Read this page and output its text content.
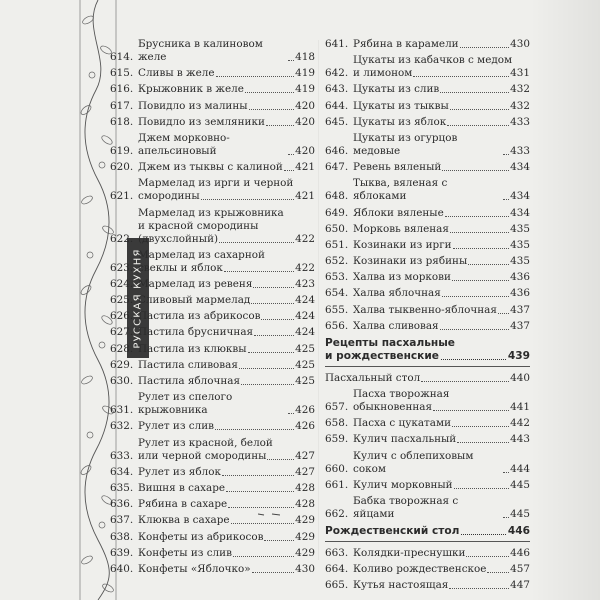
РУССКАЯ КУХНЯ
614.
Брусника в калиновом желе	418
615. Сливы в желе	419
616. Крыжовник в желе	419
617. Повидло из малины	420
618. Повидло из земляники	420
619.
Джем морковно-апельсиновый	420
620. Джем из тыквы с калиной 421
621.
Мармелад из ирги и черной
смородины	421
622.
Мармелад из крыжовника
и красной смородины
(двухслойный)	422
623.
Мармелад из сахарной
свеклы и яблок	422
624. Мармелад из ревеня	423
625. Сливовый мармелад	424
626. Пастила из абрикосов	424
627. Пастила брусничная	424
628. Пастила из клюквы	425
629. Пастила сливовая	425
630. Пастила яблочная	425
631.
Рулет из спелого крыжовника	426
632. Рулет из слив	426
633.
Рулет из красной, белой
или черной смородины	427
634. Рулет из яблок	427
635. Вишня в сахаре	428
636. Рябина в сахаре	428
637. Клюква в сахаре	429
638. Конфеты из абрикосов	429
639. Конфеты из слив	429
640. Конфеты «Яблочко»	430
641. Рябина в карамели	430
642.
Цукаты из кабачков с медом
и лимоном	431
643. Цукаты из слив	432
644. Цукаты из тыквы	432
645. Цукаты из яблок	433
646.
Цукаты из огурцов медовые	433
647. Ревень вяленый	434
648.
Тыква, вяленая с яблоками	434
649. Яблоки вяленые	434
650. Морковь вяленая	435
651. Козинаки из ирги	435
652. Козинаки из рябины	435
653. Халва из моркови	436
654. Халва яблочная	436
655. Халва тыквенно-яблочная 437
656. Халва сливовая	437
Рецепты пасхальные
и рождественские	439
Пасхальный стол	440
657.
Пасха творожная
обыкновенная	441
658. Пасха с цукатами	442
659. Кулич пасхальный	443
660.
Кулич с облепиховым соком	444
661. Кулич морковный	445
662.
Бабка творожная с яйцами	445
Рождественский стол	446
663. Колядки-преснушки	446
664. Коливо рождественское 457
665. Кутья настоящая	447
